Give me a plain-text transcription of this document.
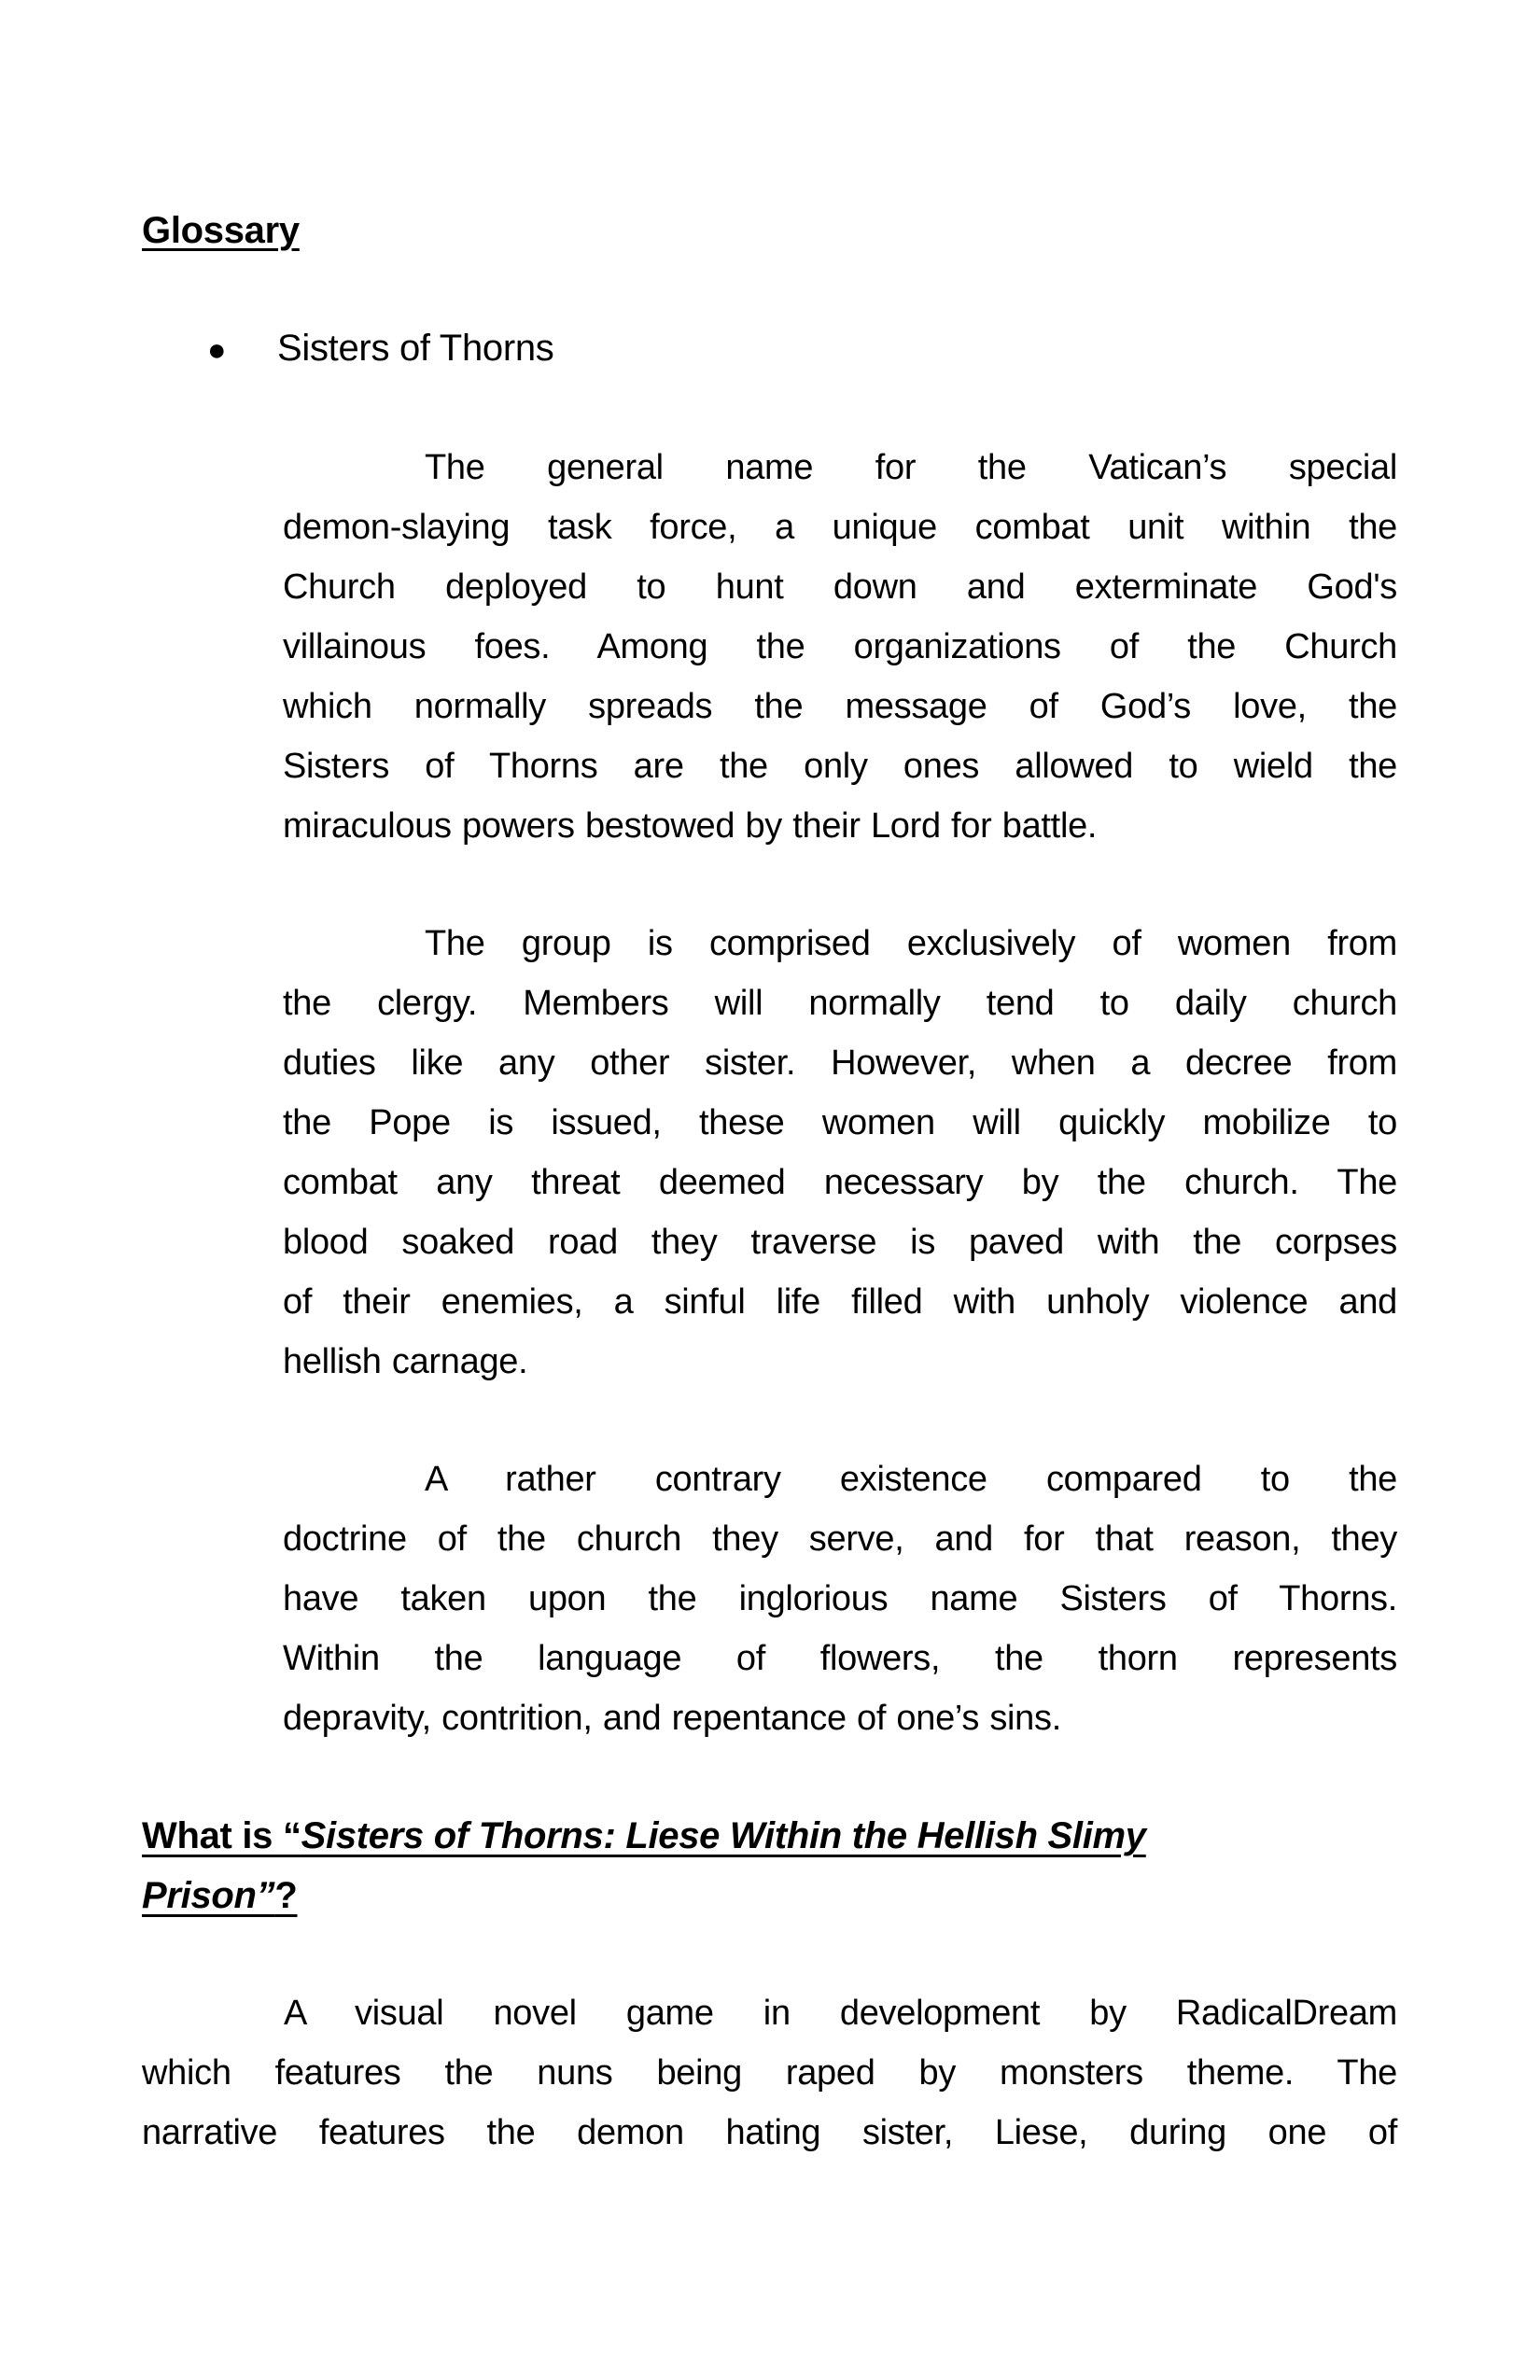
Glossary
●	Sisters of Thorns
The general name for the Vatican’s special
demon-slaying task force, a unique combat unit within the
Church deployed to hunt down and exterminate God's
villainous foes. Among the organizations of the Church
which normally spreads the message of God’s love, the
Sisters of Thorns are the only ones allowed to wield the
miraculous powers bestowed by their Lord for battle.
The group is comprised exclusively of women from
the clergy. Members will normally tend to daily church
duties like any other sister. However, when a decree from
the Pope is issued, these women will quickly mobilize to
combat any threat deemed necessary by the church. The
blood soaked road they traverse is paved with the corpses
of their enemies, a sinful life filled with unholy violence and
hellish carnage.
A rather contrary existence compared to the
doctrine of the church they serve, and for that reason, they
have taken upon the inglorious name Sisters of Thorns.
Within the language of flowers, the thorn represents
depravity, contrition, and repentance of one’s sins.
What is “Sisters of Thorns: Liese Within the Hellish Slimy
Prison”?
A visual novel game in development by RadicalDream
which features the nuns being raped by monsters theme. The
narrative features the demon hating sister, Liese, during one of
